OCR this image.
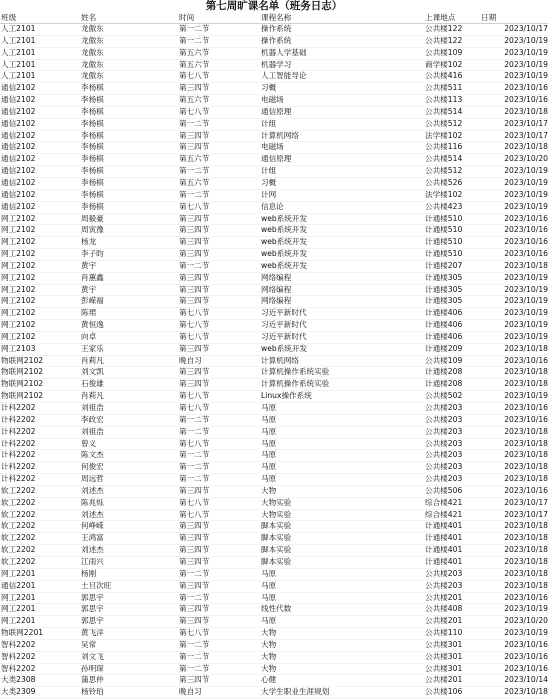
第七周旷课名单（班务日志）
班级	姓名	时间	课程名称	上课地点	日期
人工2101	龙傲东	第一二节	操作系统	公共楼122	2023/10/17
人工2101	龙傲东	第一二节	操作系统	公共楼122	2023/10/19
人工2101	龙傲东	第五六节	机器人学基础	公共楼109	2023/10/19
人工2101	龙傲东	第五六节	机器学习	商学楼102	2023/10/19
人工2101	龙傲东	第七八节	人工智能导论	公共楼416	2023/10/19
通信2102	李杨棋	第三四节	习概	公共楼511	2023/10/16
通信2102	李杨棋	第五六节	电磁场	公共楼113	2023/10/16
通信2102	李杨棋	第七八节	通信原理	公共楼514	2023/10/18
通信2102	李杨棋	第一二节	计组	公共楼512	2023/10/17
通信2102	李杨棋	第三四节	计算机网络	法学楼102	2023/10/17
通信2102	李杨棋	第三四节	电磁场	公共楼116	2023/10/18
通信2102	李杨棋	第五六节	通信原理	公共楼514	2023/10/20
通信2102	李杨棋	第一二节	计组	公共楼512	2023/10/19
通信2102	李杨棋	第五六节	习概	公共楼526	2023/10/19
通信2102	李杨棋	第一二节	计网	法学楼102	2023/10/19
通信2102	李杨棋	第七八节	信息论	公共楼423	2023/10/19
网工2102	周毅豪	第三四节	web系统开发	计通楼510	2023/10/16
网工2102	周寅豫	第三四节	web系统开发	计通楼510	2023/10/16
网工2102	杨龙	第三四节	web系统开发	计通楼510	2023/10/16
网工2102	李子昀	第三四节	web系统开发	计通楼510	2023/10/16
网工2102	黄宇	第一二节	web系统开发	计通楼207	2023/10/18
网工2102	肖蕙鑫	第三四节	网络编程	计通楼305	2023/10/19
网工2102	黄宇	第三四节	网络编程	计通楼305	2023/10/19
网工2102	彭嵘福	第三四节	网络编程	计通楼305	2023/10/19
网工2102	陈珺	第七八节	习近平新时代	计通楼406	2023/10/19
网工2102	黄恒逸	第七八节	习近平新时代	计通楼406	2023/10/19
网工2102	向卓	第七八节	习近平新时代	计通楼406	2023/10/19
网工2103	王家乐	第三四节	web系统开发	计通楼209	2023/10/18
物联网2102	肖莉凡	晚自习	计算机网络	公共楼109	2023/10/16
物联网2102	刘文凯	第三四节	计算机操作系统实验	计通楼208	2023/10/18
物联网2102	石俊雄	第三四节	计算机操作系统实验	计通楼208	2023/10/18
物联网2102	肖莉凡	第七八节	Linux操作系统	公共楼502	2023/10/19
计科2202	刘祖浩	第七八节	马原	公共楼203	2023/10/16
计科2202	李政宏	第一二节	马原	公共楼203	2023/10/16
计科2202	刘祖浩	第一二节	马原	公共楼203	2023/10/18
计科2202	曾义	第七八节	马原	公共楼203	2023/10/18
计科2202	陈文杰	第一二节	马原	公共楼203	2023/10/18
计科2202	何俊宏	第一二节	马原	公共楼203	2023/10/18
计科2202	周远哲	第一二节	马原	公共楼203	2023/10/18
软工2202	刘述杰	第三四节	大物	公共楼506	2023/10/16
软工2202	陈兆烁	第七八节	大物实验	综合楼421	2023/10/17
软工2202	刘述杰	第七八节	大物实验	综合楼421	2023/10/17
软工2202	何峥嵘	第三四节	脚本实验	计通楼401	2023/10/18
软工2202	王鸿富	第三四节	脚本实验	计通楼401	2023/10/18
软工2202	刘述杰	第三四节	脚本实验	计通楼401	2023/10/18
软工2202	江雨兴	第三四节	脚本实验	计通楼401	2023/10/18
网工2201	杨刚	第一二节	马原	公共楼203	2023/10/18
通信2201	土旦次旺	第三四节	马原	公共楼203	2023/10/18
网工2201	郭思宇	第一二节	马原	公共楼201	2023/10/16
网工2201	郭思宇	第三四节	线性代数	公共楼408	2023/10/19
网工2201	郭思宇	第三四节	马原	公共楼201	2023/10/20
物联网2201	黄飞洋	第七八节	大物	公共楼110	2023/10/19
智科2202	吴常	第一二节	大物	公共楼301	2023/10/16
智科2202	刘文飞	第一二节	大物	公共楼301	2023/10/16
智科2202	孙明琛	第一二节	大物	公共楼301	2023/10/16
大类2308	蒲思仲	第三四节	心健	公共楼201	2023/10/14
大类2309	杨铃珀	晚自习	大学生职业生涯规划	公共楼106	2023/10/18
